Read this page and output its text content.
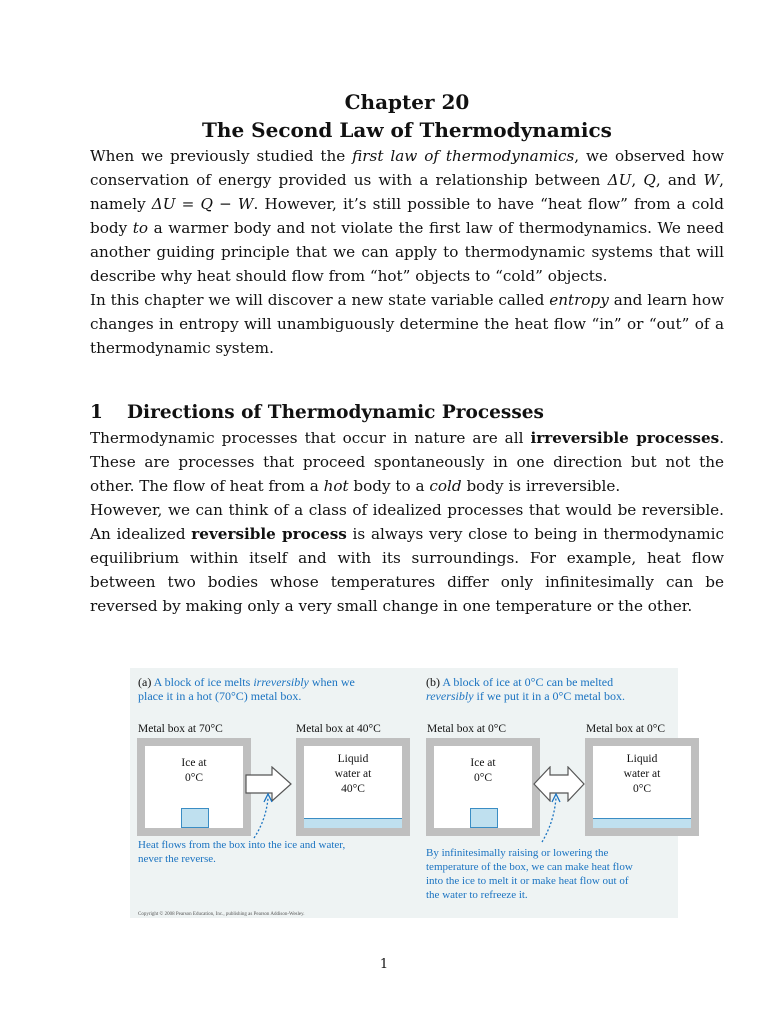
Chapter 20
The Second Law of Thermodynamics

When we previously studied the first law of thermodynamics, we observed how conservation of energy provided us with a relationship between ΔU, Q, and W, namely ΔU = Q − W. However, it’s still possible to have “heat flow” from a cold body to a warmer body and not violate the first law of thermodynamics. We need another guiding principle that we can apply to thermodynamic systems that will describe why heat should flow from “hot” objects to “cold” objects.

In this chapter we will discover a new state variable called entropy and learn how changes in entropy will unambiguously determine the heat flow “in” or “out” of a thermodynamic system.

1 Directions of Thermodynamic Processes

Thermodynamic processes that occur in nature are all irreversible processes. These are processes that proceed spontaneously in one direction but not the other. The flow of heat from a hot body to a cold body is irreversible.

However, we can think of a class of idealized processes that would be reversible. An idealized reversible process is always very close to being in thermodynamic equilibrium within itself and with its surroundings. For example, heat flow between two bodies whose temperatures differ only infinitesimally can be reversed by making only a very small change in one temperature or the other.

(a) A block of ice melts irreversibly when we
place it in a hot (70°C) metal box.
(b) A block of ice at 0°C can be melted
reversibly if we put it in a 0°C metal box.
Metal box at 70°C	Metal box at 40°C	Metal box at 0°C	Metal box at 0°C
Ice at
0°C
Liquid
water at
40°C
Heat flows from the box into the ice and water,
never the reverse.
Ice at
0°C
Liquid
water at
0°C
By infinitesimally raising or lowering the
temperature of the box, we can make heat flow
into the ice to melt it or make heat flow out of
the water to refreeze it.
Copyright © 2008 Pearson Education, Inc., publishing as Pearson Addison-Wesley.
1
